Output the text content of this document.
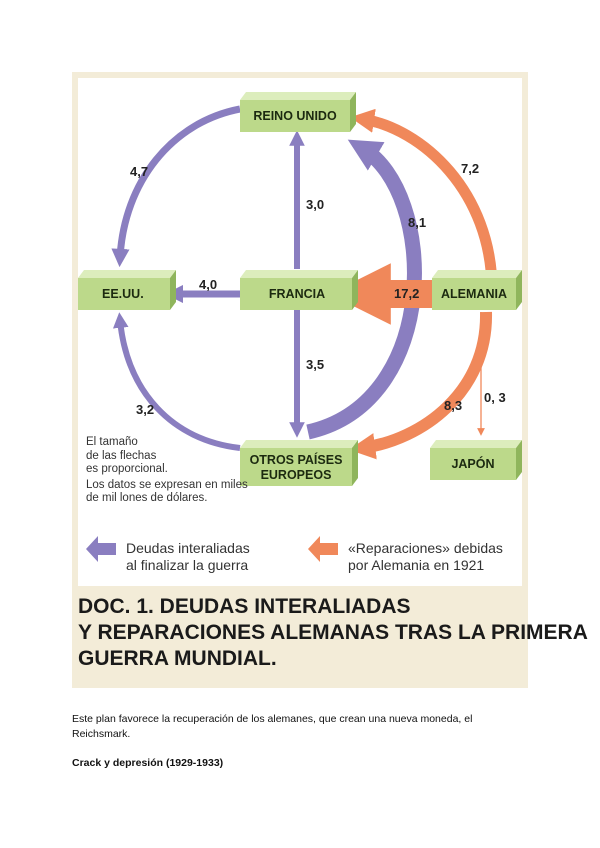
REINO UNIDO
EE.UU.	FRANCIA	ALEMANIA
OTROS PAÍSES
EUROPEOS
JAPÓN
4,7
3,0
8,1
7,2
4,0
17,2
3,5
3,2	8,3
0, 3
El tamaño
de las flechas
es proporcional.
Los datos se expresan en miles
de mil lones de dólares.
Deudas interaliadas
al finalizar la guerra
«Reparaciones» debidas
por Alemania en 1921
DOC. 1. DEUDAS INTERALIADAS
Y REPARACIONES ALEMANAS TRAS LA PRIMERA
GUERRA MUNDIAL.
Este plan favorece la recuperación de los alemanes, que crean una nueva moneda, el Reichsmark.
Crack y depresión (1929-1933)
